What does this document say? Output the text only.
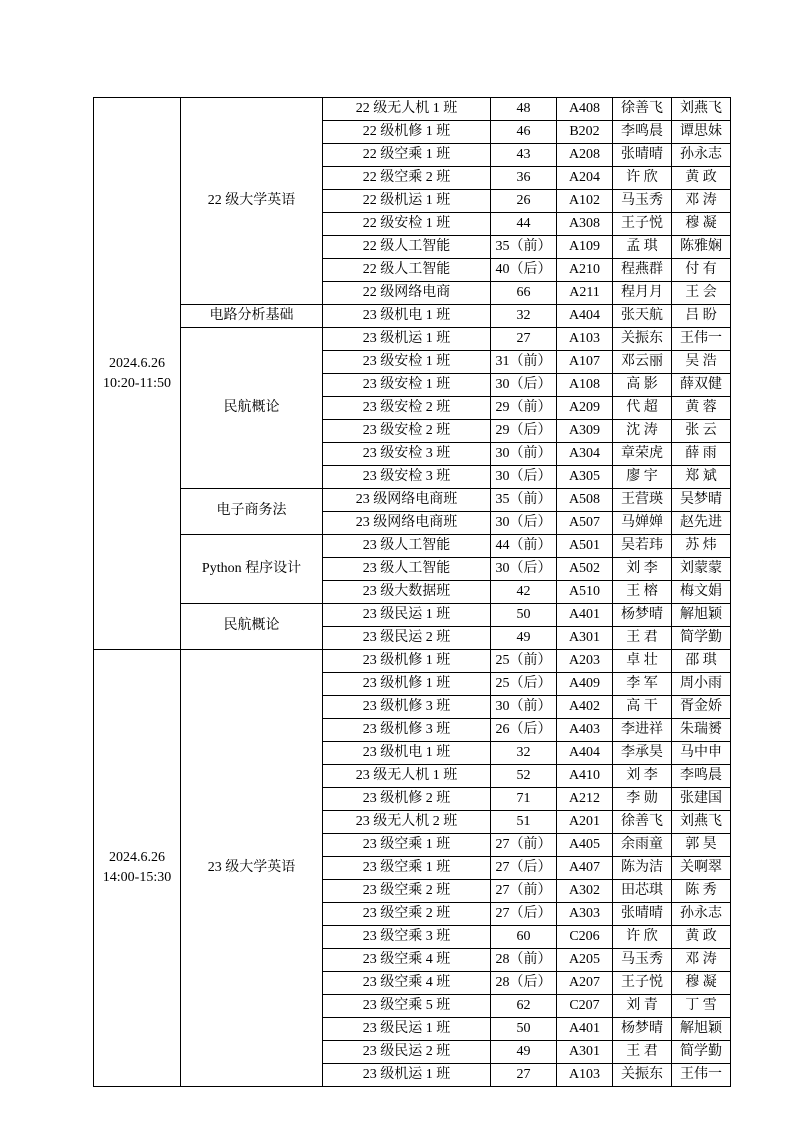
2024.6.26
10:20-11:50	22 级大学英语	22 级无人机 1 班	48	A408	徐善飞	刘燕飞
		22 级机修 1 班	46	B202	李鸣晨	谭思妹
		22 级空乘 1 班	43	A208	张晴晴	孙永志
		22 级空乘 2 班	36	A204	许 欣	黄 政
		22 级机运 1 班	26	A102	马玉秀	邓 涛
		22 级安检 1 班	44	A308	王子悦	穆 凝
		22 级人工智能	35（前）	A109	孟 琪	陈雅娴
		22 级人工智能	40（后）	A210	程燕群	付 有
		22 级网络电商	66	A211	程月月	王 会
	电路分析基础	23 级机电 1 班	32	A404	张天航	吕 盼
	民航概论	23 级机运 1 班	27	A103	关振东	王伟一
		23 级安检 1 班	31（前）	A107	邓云丽	吴 浩
		23 级安检 1 班	30（后）	A108	高 影	薛双健
		23 级安检 2 班	29（前）	A209	代 超	黄 蓉
		23 级安检 2 班	29（后）	A309	沈 涛	张 云
		23 级安检 3 班	30（前）	A304	章荣虎	薛 雨
		23 级安检 3 班	30（后）	A305	廖 宇	郑 斌
	电子商务法	23 级网络电商班	35（前）	A508	王营瑛	吴梦晴
		23 级网络电商班	30（后）	A507	马婵婵	赵先进
	Python 程序设计	23 级人工智能	44（前）	A501	吴若玮	苏 炜
		23 级人工智能	30（后）	A502	刘 李	刘蒙蒙
		23 级大数据班	42	A510	王 榕	梅文娟
	民航概论	23 级民运 1 班	50	A401	杨梦晴	解旭颖
		23 级民运 2 班	49	A301	王 君	简学勤

2024.6.26
14:00-15:30	23 级大学英语	23 级机修 1 班	25（前）	A203	卓 壮	邵 琪
		23 级机修 1 班	25（后）	A409	李 军	周小雨
		23 级机修 3 班	30（前）	A402	高 干	胥金娇
		23 级机修 3 班	26（后）	A403	李进祥	朱瑞赟
		23 级机电 1 班	32	A404	李承昊	马中申
		23 级无人机 1 班	52	A410	刘 李	李鸣晨
		23 级机修 2 班	71	A212	李 勋	张建国
		23 级无人机 2 班	51	A201	徐善飞	刘燕飞
		23 级空乘 1 班	27（前）	A405	余雨童	郭 昊
		23 级空乘 1 班	27（后）	A407	陈为洁	关啊翠
		23 级空乘 2 班	27（前）	A302	田芯琪	陈 秀
		23 级空乘 2 班	27（后）	A303	张晴晴	孙永志
		23 级空乘 3 班	60	C206	许 欣	黄 政
		23 级空乘 4 班	28（前）	A205	马玉秀	邓 涛
		23 级空乘 4 班	28（后）	A207	王子悦	穆 凝
		23 级空乘 5 班	62	C207	刘 青	丁 雪
		23 级民运 1 班	50	A401	杨梦晴	解旭颖
		23 级民运 2 班	49	A301	王 君	简学勤
		23 级机运 1 班	27	A103	关振东	王伟一
